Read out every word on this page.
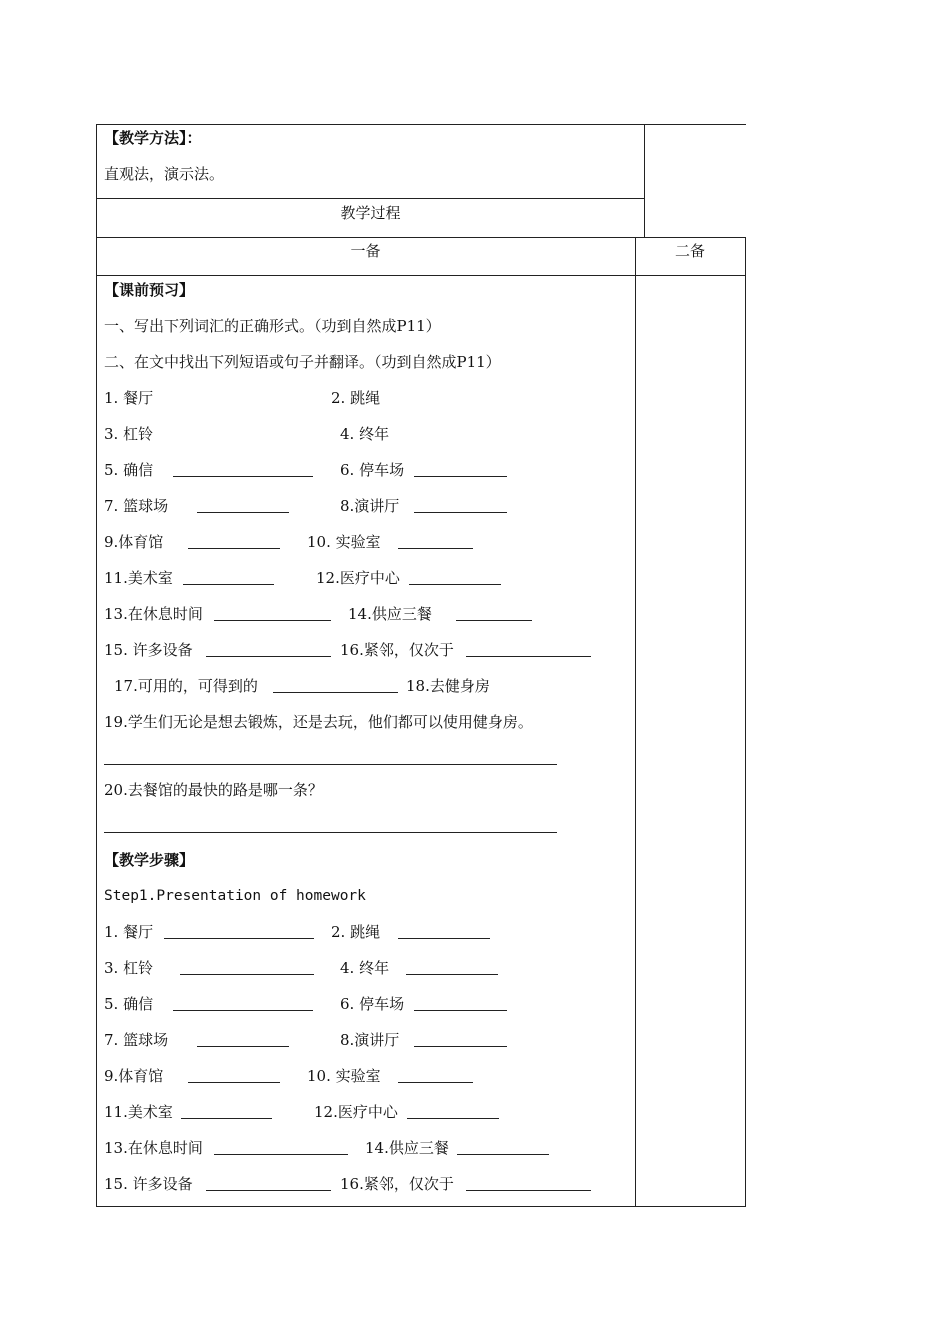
【教学方法】：
直观法，演示法。
教学过程
一备	二备
【课前预习】
一、写出下列词汇的正确形式。（功到自然成P11）
二、在文中找出下列短语或句子并翻译。（功到自然成P11）
1. 餐厅	2. 跳绳
3. 杠铃	4. 终年
5. 确信	6. 停车场
7. 篮球场	8.演讲厅
9.体育馆	10. 实验室
11.美术室	12.医疗中心
13.在休息时间	14.供应三餐
15. 许多设备	16.紧邻，仅次于
17.可用的，可得到的	18.去健身房
19.学生们无论是想去锻炼，还是去玩，他们都可以使用健身房。
20.去餐馆的最快的路是哪一条？
【教学步骤】
Step1.Presentation of homework
1. 餐厅	2. 跳绳
3. 杠铃	4. 终年
5. 确信	6. 停车场
7. 篮球场	8.演讲厅
9.体育馆	10. 实验室
11.美术室	12.医疗中心
13.在休息时间	14.供应三餐
15. 许多设备	16.紧邻，仅次于
